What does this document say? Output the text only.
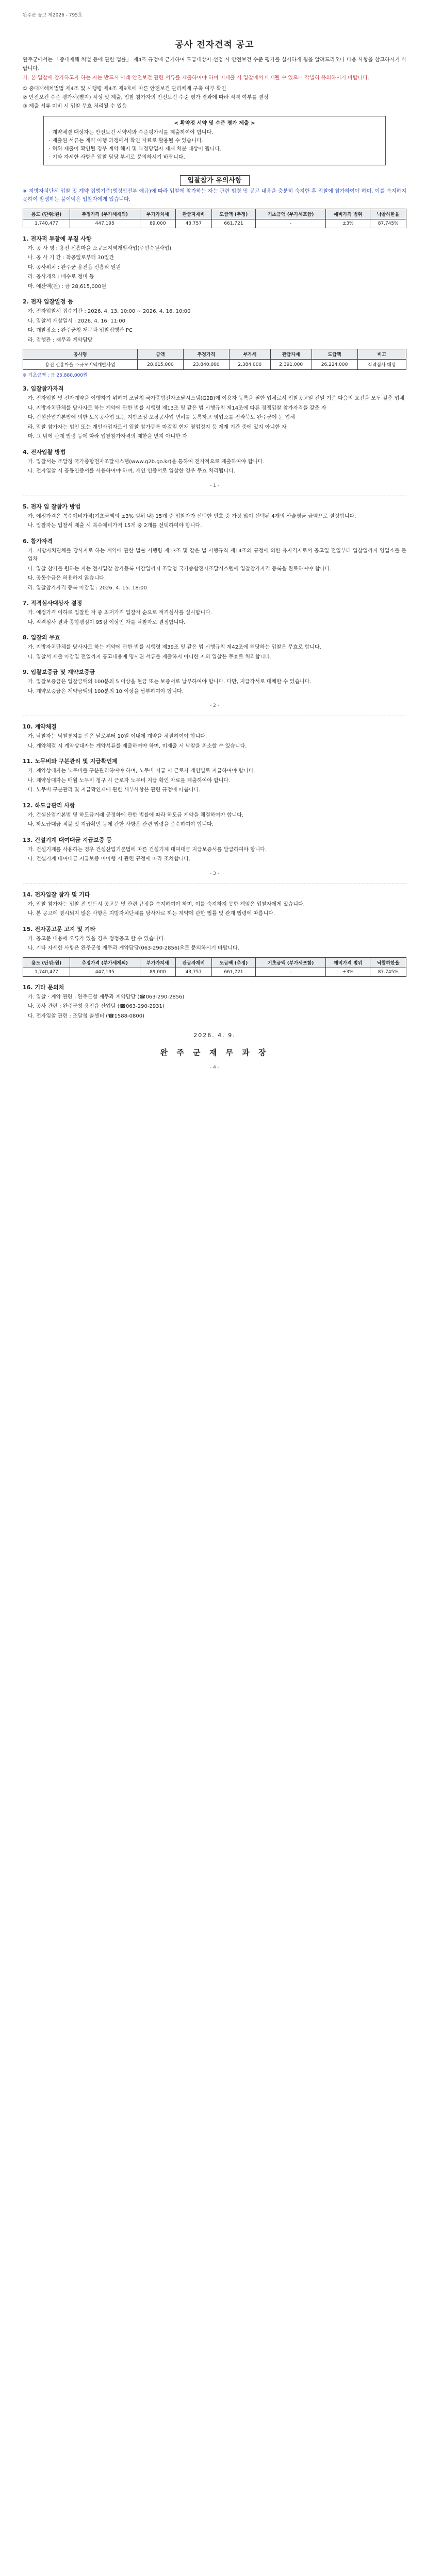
완주군 공고 제2026 - 795호
공사 전자견적 공고
완주군에서는 「중대재해 처벌 등에 관한 법률」 제4조 규정에 근거하여 도급대상자 선정 시 안전보건 수준 평가를 실시하게 됨을 알려드리오니 다음 사항을 참고하시기 바랍니다.
가. 본 입찰에 참가하고자 하는 자는 반드시 아래 안전보건 관련 서류를 제출하여야 하며 미제출 시 입찰에서 배제될 수 있으니 각별히 유의하시기 바랍니다.
① 중대재해처벌법 제4조 및 시행령 제4조 제9호에 따른 안전보건 관리체계 구축 여부 확인
② 안전보건 수준 평가서(별지) 작성 및 제출, 입찰 참가자의 안전보건 수준 평가 결과에 따라 적격 여부를 결정
③ 제출 서류 미비 시 입찰 무효 처리될 수 있음
< 확약정 서약 및 수준 평가 제출 >
· 계약체결 대상자는 안전보건 서약서와 수준평가서를 제출하여야 합니다.
· 제출된 서류는 계약 이행 과정에서 확인 자료로 활용될 수 있습니다.
· 허위 제출이 확인될 경우 계약 해지 및 부정당업자 제재 처분 대상이 됩니다.
· 기타 자세한 사항은 입찰 담당 부서로 문의하시기 바랍니다.
입찰참가 유의사항
※ 지방자치단체 입찰 및 계약 집행기준(행정안전부 예규)에 따라 입찰에 참가하는 자는 관련 법령 및 공고 내용을 충분히 숙지한 후 입찰에 참가하여야 하며, 이를 숙지하지 못하여 발생하는 불이익은 입찰자에게 있습니다.
용도 (단위:원)	추정가격 (부가세제외)	부가가치세	관급자재비	도급액 (추정)	기초금액 (부가세포함)	예비가격 범위	낙찰하한율
1,740,477	447,195	89,000	43,757	661,721	-	±3%	87.745%
1. 전자적 투찰에 부칠 사항
가. 공 사 명 : 용진 신흥마을 소규모지역개발사업(주민숙원사업)
나. 공 사 기 간 : 착공일로부터 30일간
다. 공사위치 : 완주군 용진읍 신흥리 일원
라. 공사개요 : 배수로 정비 등
마. 예산액(원) : 금 28,615,000원
2. 전자 입찰일정 등
가. 전자입찰서 접수기간 : 2026. 4. 13. 10:00 ~ 2026. 4. 16. 10:00
나. 입찰서 개찰일시 : 2026. 4. 16. 11:00
다. 개찰장소 : 완주군청 재무과 입찰집행관 PC
라. 집행관 : 재무과 계약담당
공사명	금액	추정가격	부가세	관급자재	도급액	비고
용진 신흥마을 소규모지역개발사업	28,615,000	23,840,000	2,384,000	2,391,000	26,224,000	적격심사 대상
※ 기초금액 : 금 25,880,000원
3. 입찰참가자격
가. 전자입찰 및 전자계약을 이행하기 위하여 조달청 국가종합전자조달시스템(G2B)에 이용자 등록을 필한 업체로서 입찰공고일 전일 기준 다음의 요건을 모두 갖춘 업체
나. 지방자치단체를 당사자로 하는 계약에 관한 법률 시행령 제13조 및 같은 법 시행규칙 제14조에 따른 경쟁입찰 참가자격을 갖춘 자
다. 건설산업기본법에 의한 토목공사업 또는 지반조성·포장공사업 면허를 등록하고 영업소를 전라북도 완주군에 둔 업체
라. 입찰 참가자는 법인 또는 개인사업자로서 입찰 참가등록 마감일 현재 영업정지 등 제재 기간 중에 있지 아니한 자
마. 그 밖에 관계 법령 등에 따라 입찰참가자격의 제한을 받지 아니한 자
4. 전자입찰 방법
가. 입찰서는 조달청 국가종합전자조달시스템(www.g2b.go.kr)을 통하여 전자적으로 제출하여야 합니다.
나. 전자입찰 시 공동인증서를 사용하여야 하며, 개인 인증서로 입찰한 경우 무효 처리됩니다.
- 1 -
5. 전자 입 찰참가 방법
가. 예정가격은 복수예비가격(기초금액의 ±3% 범위 내) 15개 중 입찰자가 선택한 번호 중 가장 많이 선택된 4개의 산술평균 금액으로 결정합니다.
나. 입찰자는 입찰서 제출 시 복수예비가격 15개 중 2개를 선택하여야 합니다.
6. 참가자격
가. 지방자치단체를 당사자로 하는 계약에 관한 법률 시행령 제13조 및 같은 법 시행규칙 제14조의 규정에 의한 유자격자로서 공고일 전일부터 입찰일까지 영업소를 둔 업체
나. 입찰 참가를 원하는 자는 전자입찰 참가등록 마감일까지 조달청 국가종합전자조달시스템에 입찰참가자격 등록을 완료하여야 합니다.
다. 공동수급은 허용하지 않습니다.
라. 입찰참가자격 등록 마감일 : 2026. 4. 15. 18:00
7. 적격심사대상자 결정
가. 예정가격 이하로 입찰한 자 중 최저가격 입찰자 순으로 적격심사를 실시합니다.
나. 적격심사 결과 종합평점이 95점 이상인 자를 낙찰자로 결정합니다.
8. 입찰의 무효
가. 지방자치단체를 당사자로 하는 계약에 관한 법률 시행령 제39조 및 같은 법 시행규칙 제42조에 해당하는 입찰은 무효로 합니다.
나. 입찰서 제출 마감일 전일까지 공고내용에 명시된 서류를 제출하지 아니한 자의 입찰은 무효로 처리합니다.
9. 입찰보증금 및 계약보증금
가. 입찰보증금은 입찰금액의 100분의 5 이상을 현금 또는 보증서로 납부하여야 합니다. 다만, 지급각서로 대체할 수 있습니다.
나. 계약보증금은 계약금액의 100분의 10 이상을 납부하여야 합니다.
- 2 -
10. 계약체결
가. 낙찰자는 낙찰통지를 받은 날로부터 10일 이내에 계약을 체결하여야 합니다.
나. 계약체결 시 계약상대자는 계약서류를 제출하여야 하며, 미제출 시 낙찰을 취소할 수 있습니다.
11. 노무비와 구분관리 및 지급확인제
가. 계약상대자는 노무비를 구분관리하여야 하며, 노무비 지급 시 근로자 개인별로 지급하여야 합니다.
나. 계약상대자는 매월 노무비 청구 시 근로자 노무비 지급 확인 자료를 제출하여야 합니다.
다. 노무비 구분관리 및 지급확인제에 관한 세부사항은 관련 규정에 따릅니다.
12. 하도급관리 사항
가. 건설산업기본법 및 하도급거래 공정화에 관한 법률에 따라 하도급 계약을 체결하여야 합니다.
나. 하도급대금 직불 및 지급확인 등에 관한 사항은 관련 법령을 준수하여야 합니다.
13. 건설기계 대여대금 지급보증 등
가. 건설기계를 사용하는 경우 건설산업기본법에 따른 건설기계 대여대금 지급보증서를 발급하여야 합니다.
나. 건설기계 대여대금 지급보증 미이행 시 관련 규정에 따라 조치합니다.
- 3 -
14. 전자입찰 참가 및 기타
가. 입찰 참가자는 입찰 전 반드시 공고문 및 관련 규정을 숙지하여야 하며, 이를 숙지하지 못한 책임은 입찰자에게 있습니다.
나. 본 공고에 명시되지 않은 사항은 지방자치단체를 당사자로 하는 계약에 관한 법률 및 관계 법령에 따릅니다.
15. 전자공고문 고지 및 기타
가. 공고문 내용에 오류가 있을 경우 정정공고 할 수 있습니다.
나. 기타 자세한 사항은 완주군청 재무과 계약담당(063-290-2856)으로 문의하시기 바랍니다.
용도 (단위:원)	추정가격 (부가세제외)	부가가치세	관급자재비	도급액 (추정)	기초금액 (부가세포함)	예비가격 범위	낙찰하한율
1,740,477	447,195	89,000	43,757	661,721	-	±3%	87.745%
16. 기타 문의처
가. 입찰 · 계약 관련 : 완주군청 재무과 계약담당 (☎063-290-2856)
나. 공사 관련 : 완주군청 용진읍 산업팀 (☎063-290-2931)
다. 전자입찰 관련 : 조달청 콜센터 (☎1588-0800)
2026. 4. 9.
완 주 군 재 무 과 장
- 4 -
